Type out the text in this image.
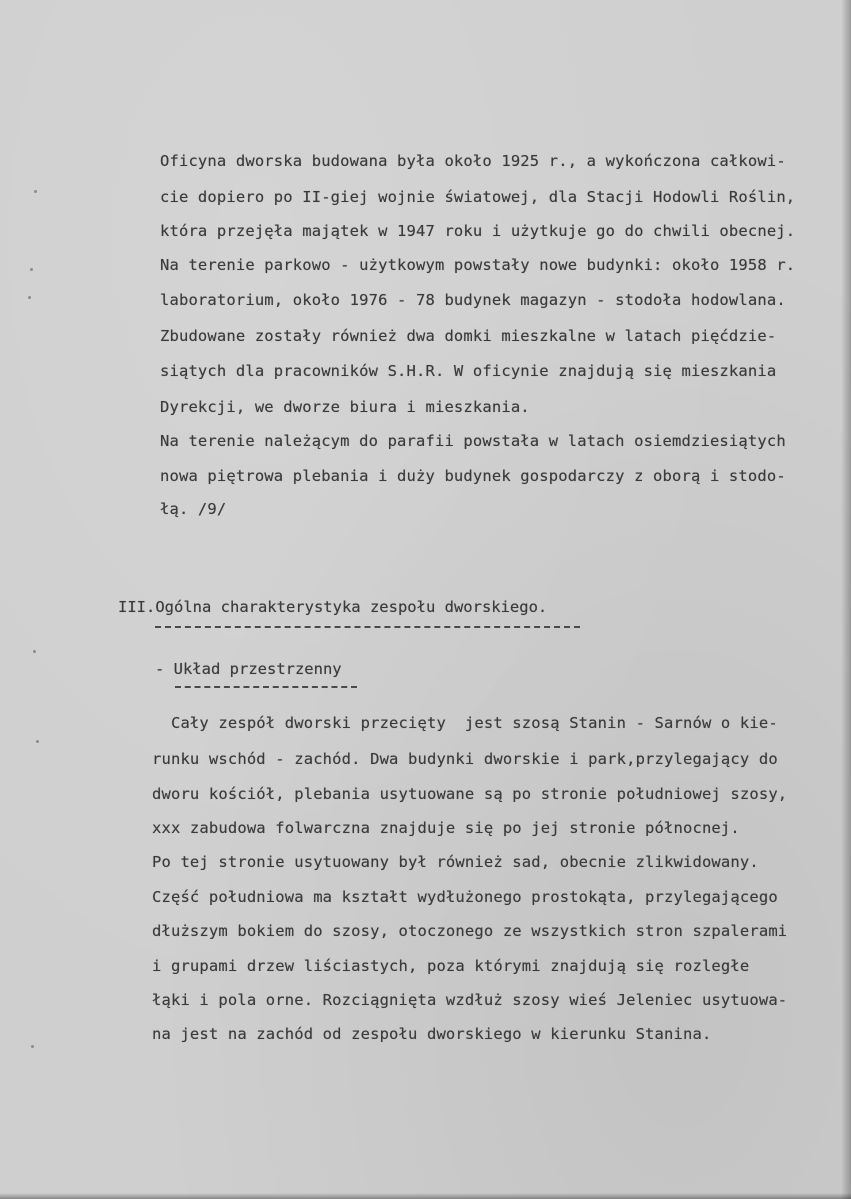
Oficyna dworska budowana była około 1925 r., a wykończona całkowi-
cie dopiero po II-giej wojnie światowej, dla Stacji Hodowli Roślin,
która przejęła majątek w 1947 roku i użytkuje go do chwili obecnej.
Na terenie parkowo - użytkowym powstały nowe budynki: około 1958 r.
laboratorium, około 1976 - 78 budynek magazyn - stodoła hodowlana.
Zbudowane zostały również dwa domki mieszkalne w latach pięćdzie-
siątych dla pracowników S.H.R. W oficynie znajdują się mieszkania
Dyrekcji, we dworze biura i mieszkania.
Na terenie należącym do parafii powstała w latach osiemdziesiątych
nowa piętrowa plebania i duży budynek gospodarczy z oborą i stodo-
łą. /9/
III.Ogólna charakterystyka zespołu dworskiego.
- Układ przestrzenny
Cały zespół dworski przecięty  jest szosą Stanin - Sarnów o kie-
runku wschód - zachód. Dwa budynki dworskie i park,przylegający do
dworu kościół, plebania usytuowane są po stronie południowej szosy,
xxx zabudowa folwarczna znajduje się po jej stronie północnej.
Po tej stronie usytuowany był również sad, obecnie zlikwidowany.
Część południowa ma kształt wydłużonego prostokąta, przylegającego
dłuższym bokiem do szosy, otoczonego ze wszystkich stron szpalerami
i grupami drzew liściastych, poza którymi znajdują się rozległe
łąki i pola orne. Rozciągnięta wzdłuż szosy wieś Jeleniec usytuowa-
na jest na zachód od zespołu dworskiego w kierunku Stanina.
